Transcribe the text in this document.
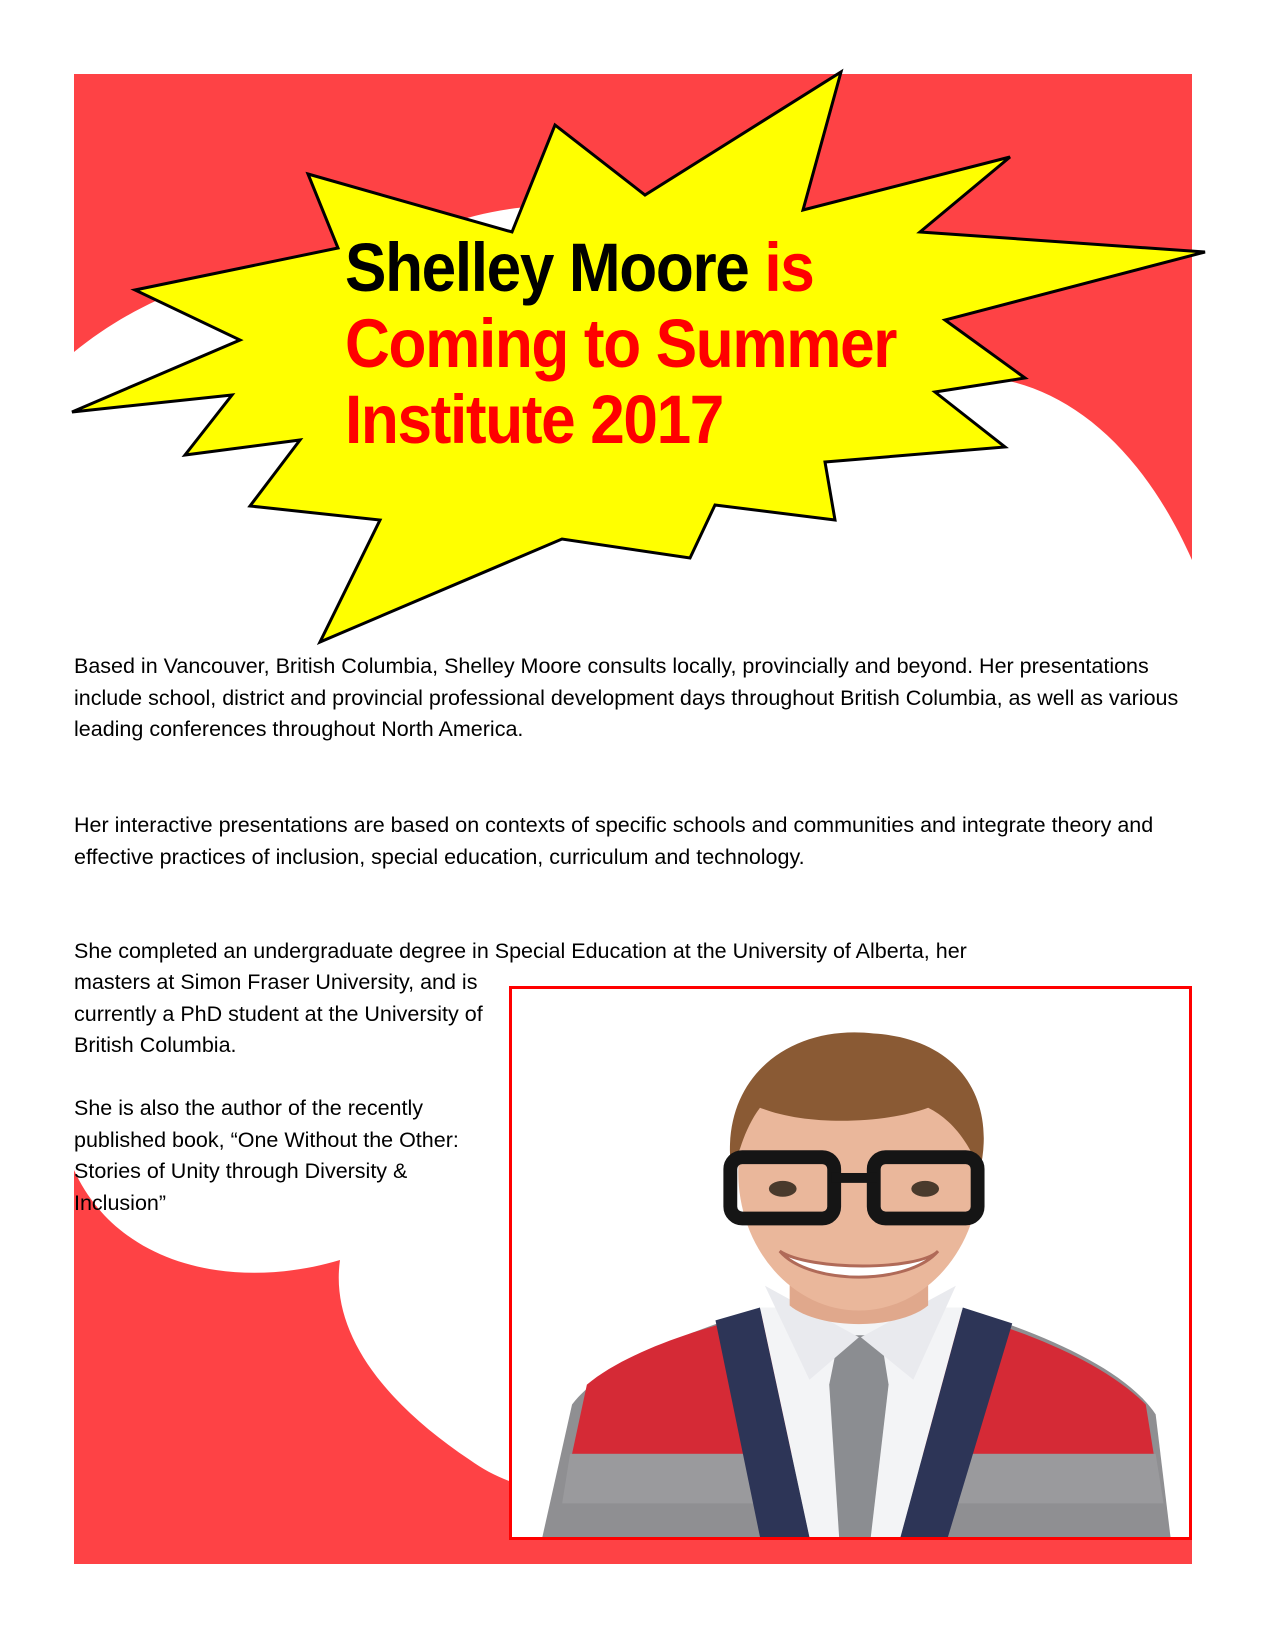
Shelley Moore is
Coming to Summer
Institute 2017

Based in Vancouver, British Columbia, Shelley Moore consults locally, provincially and beyond. Her presentations include school, district and provincial professional development days throughout British Columbia, as well as various leading conferences throughout North America.

Her interactive presentations are based on contexts of specific schools and communities and integrate theory and effective practices of inclusion, special education, curriculum and technology.

She completed an undergraduate degree in Special Education at the University of Alberta, her

masters at Simon Fraser University, and is currently a PhD student at the University of British Columbia.

She is also the author of the recently published book, “One Without the Other: Stories of Unity through Diversity & Inclusion”
